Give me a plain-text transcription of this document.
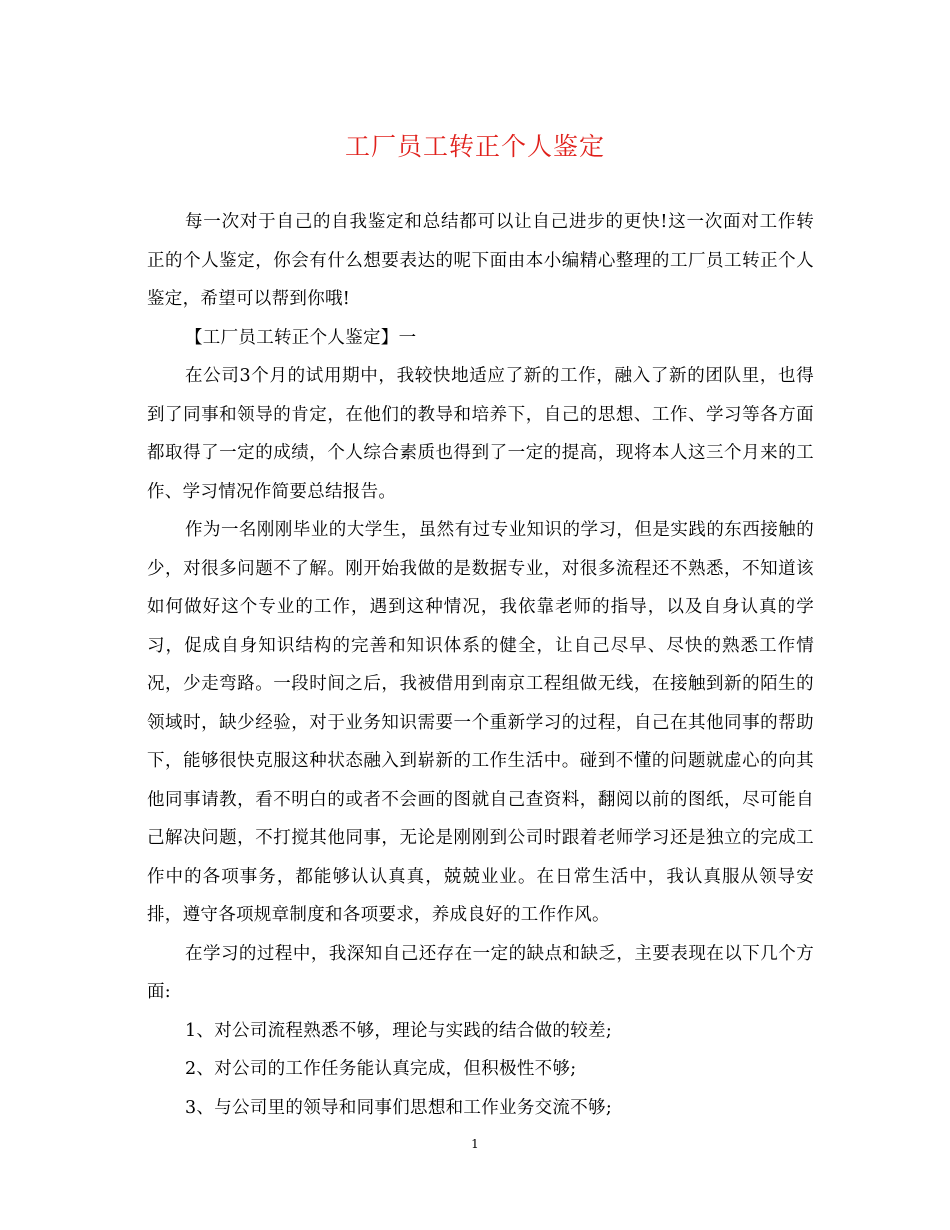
工厂员工转正个人鉴定

每一次对于自己的自我鉴定和总结都可以让自己进步的更快!这一次面对工作转正的个人鉴定，你会有什么想要表达的呢下面由本小编精心整理的工厂员工转正个人鉴定，希望可以帮到你哦!

【工厂员工转正个人鉴定】一

在公司3个月的试用期中，我较快地适应了新的工作，融入了新的团队里，也得到了同事和领导的肯定，在他们的教导和培养下，自己的思想、工作、学习等各方面都取得了一定的成绩，个人综合素质也得到了一定的提高，现将本人这三个月来的工作、学习情况作简要总结报告。

作为一名刚刚毕业的大学生，虽然有过专业知识的学习，但是实践的东西接触的少，对很多问题不了解。刚开始我做的是数据专业，对很多流程还不熟悉，不知道该如何做好这个专业的工作，遇到这种情况，我依靠老师的指导，以及自身认真的学习，促成自身知识结构的完善和知识体系的健全，让自己尽早、尽快的熟悉工作情况，少走弯路。一段时间之后，我被借用到南京工程组做无线，在接触到新的陌生的领域时，缺少经验，对于业务知识需要一个重新学习的过程，自己在其他同事的帮助下，能够很快克服这种状态融入到崭新的工作生活中。碰到不懂的问题就虚心的向其他同事请教，看不明白的或者不会画的图就自己查资料，翻阅以前的图纸，尽可能自己解决问题，不打搅其他同事，无论是刚刚到公司时跟着老师学习还是独立的完成工作中的各项事务，都能够认认真真，兢兢业业。在日常生活中，我认真服从领导安排，遵守各项规章制度和各项要求，养成良好的工作作风。

在学习的过程中，我深知自己还存在一定的缺点和缺乏，主要表现在以下几个方面:

1、对公司流程熟悉不够，理论与实践的结合做的较差;

2、对公司的工作任务能认真完成，但积极性不够;

3、与公司里的领导和同事们思想和工作业务交流不够;

1
